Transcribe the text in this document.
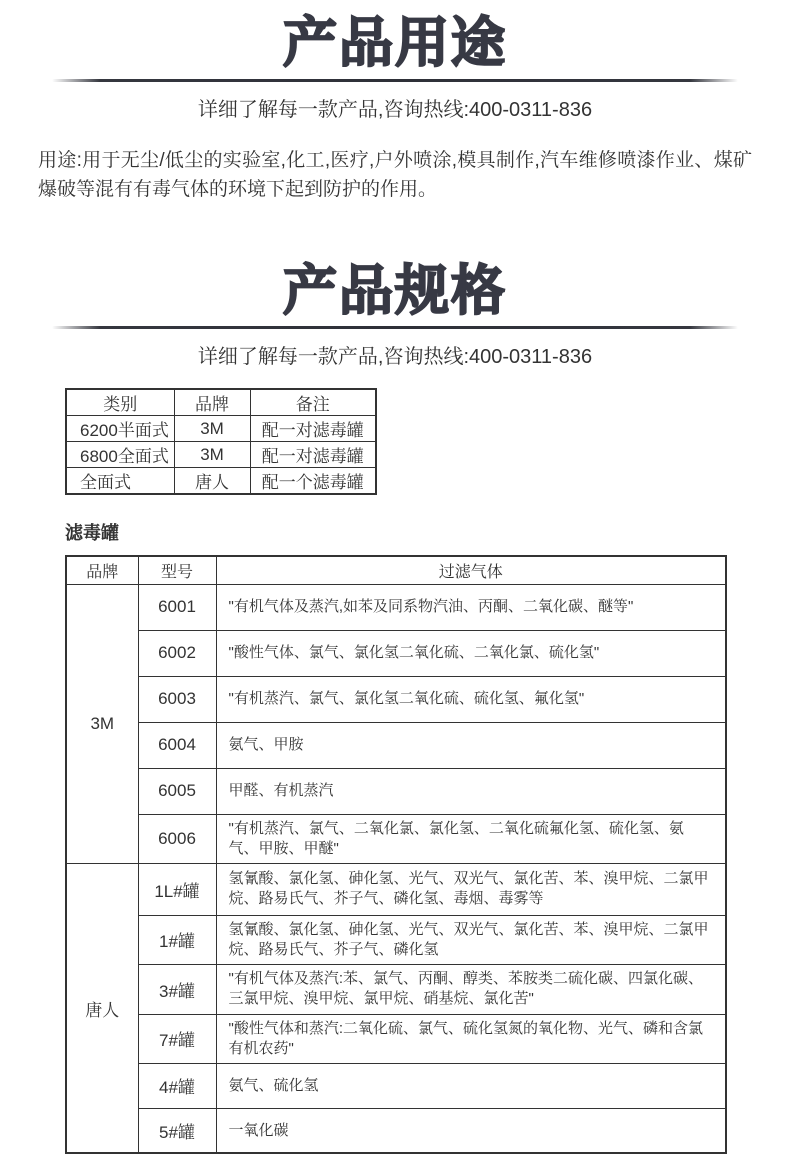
产品用途
详细了解每一款产品,咨询热线:400-0311-836

用途:用于无尘/低尘的实验室,化工,医疗,户外喷涂,模具制作,汽车维修喷漆作业、煤矿爆破等混有有毒气体的环境下起到防护的作用。

产品规格
详细了解每一款产品,咨询热线:400-0311-836
类别	品牌	备注
6200半面式	3M	配一对滤毒罐
6800全面式	3M	配一对滤毒罐
全面式	唐人	配一个滤毒罐
滤毒罐
品牌	型号	过滤气体
3M	6001	"有机气体及蒸汽,如苯及同系物汽油、丙酮、二氧化碳、醚等"
	6002	"酸性气体、氯气、氯化氢二氧化硫、二氧化氯、硫化氢"
	6003	"有机蒸汽、氯气、氯化氢二氧化硫、硫化氢、氟化氢"
	6004	氨气、甲胺
	6005	甲醛、有机蒸汽
	6006	"有机蒸汽、氯气、二氧化氯、氯化氢、二氧化硫氟化氢、硫化氢、氨气、甲胺、甲醚"
唐人	1L#罐	氢氰酸、氯化氢、砷化氢、光气、双光气、氯化苦、苯、溴甲烷、二氯甲烷、路易氏气、芥子气、磷化氢、毒烟、毒雾等
	1#罐	氢氰酸、氯化氢、砷化氢、光气、双光气、氯化苦、苯、溴甲烷、二氯甲烷、路易氏气、芥子气、磷化氢
	3#罐	"有机气体及蒸汽:苯、氯气、丙酮、醇类、苯胺类二硫化碳、四氯化碳、三氯甲烷、溴甲烷、氯甲烷、硝基烷、氯化苦"
	7#罐	"酸性气体和蒸汽:二氧化硫、氯气、硫化氢氮的氧化物、光气、磷和含氯有机农药"
	4#罐	氨气、硫化氢
	5#罐	一氧化碳
